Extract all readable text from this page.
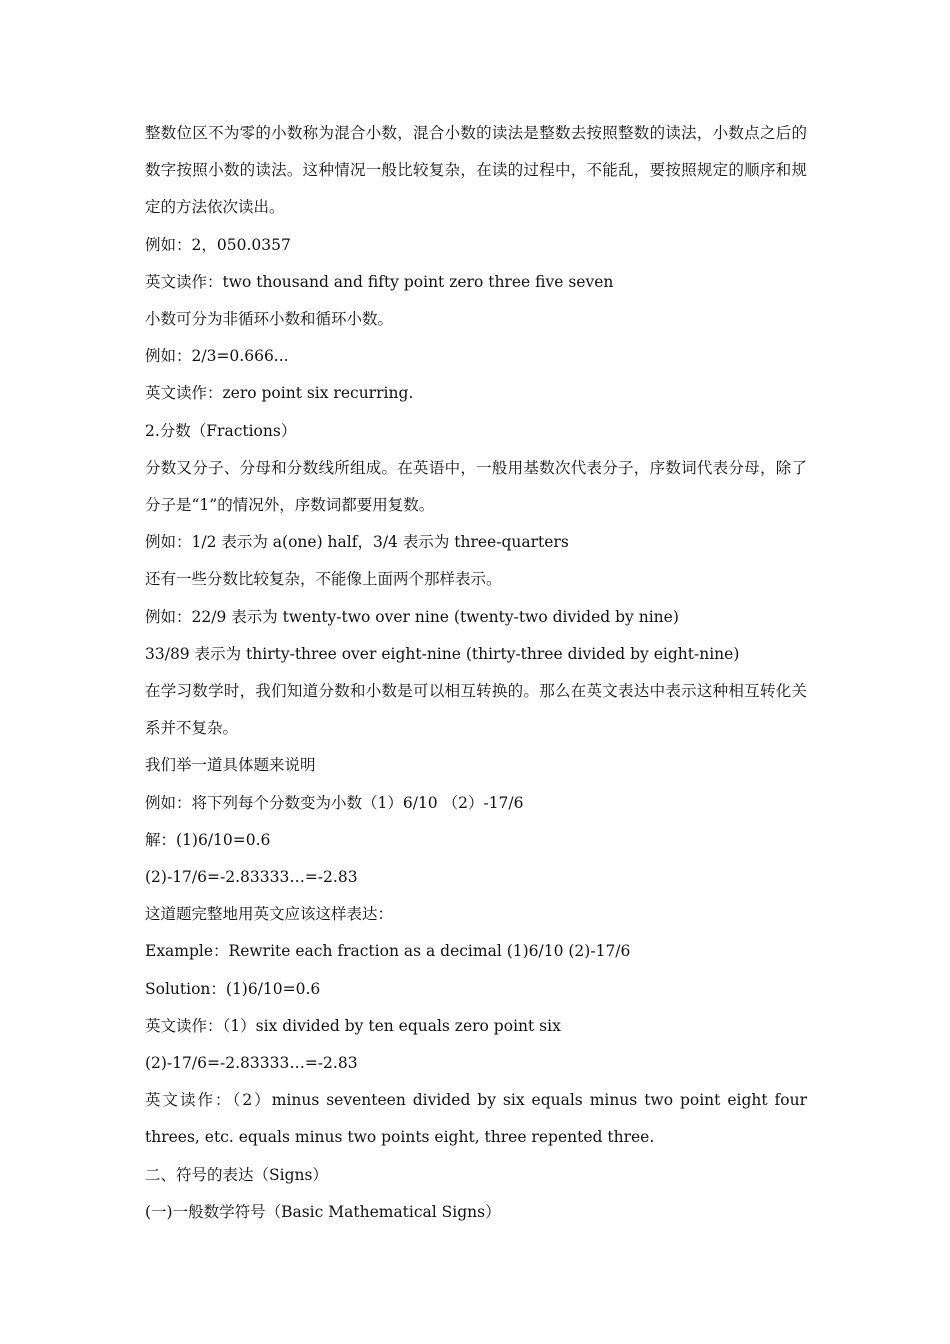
整数位区不为零的小数称为混合小数，混合小数的读法是整数去按照整数的读法，小数点之后的数字按照小数的读法。这种情况一般比较复杂，在读的过程中，不能乱，要按照规定的顺序和规定的方法依次读出。

例如：2，050.0357

英文读作：two thousand and fifty point zero three five seven

小数可分为非循环小数和循环小数。

例如：2/3=0.666...

英文读作：zero point six recurring.

2.分数（Fractions）

分数又分子、分母和分数线所组成。在英语中，一般用基数次代表分子，序数词代表分母，除了分子是“1”的情况外，序数词都要用复数。

例如：1/2 表示为 a(one) half，3/4 表示为 three-quarters

还有一些分数比较复杂，不能像上面两个那样表示。

例如：22/9 表示为 twenty-two over nine (twenty-two divided by nine)

33/89 表示为 thirty-three over eight-nine (thirty-three divided by eight-nine)

在学习数学时，我们知道分数和小数是可以相互转换的。那么在英文表达中表示这种相互转化关系并不复杂。

我们举一道具体题来说明

例如：将下列每个分数变为小数（1）6/10 （2）-17/6

解：(1)6/10=0.6

(2)-17/6=-2.83333…=-2.83

这道题完整地用英文应该这样表达：

Example：Rewrite each fraction as a decimal (1)6/10 (2)-17/6

Solution：(1)6/10=0.6

英文读作：（1）six divided by ten equals zero point six

(2)-17/6=-2.83333…=-2.83

英文读作：（2）minus seventeen divided by six equals minus two point eight four threes, etc. equals minus two points eight, three repented three.

二、符号的表达（Signs）

(一)一般数学符号（Basic Mathematical Signs）
